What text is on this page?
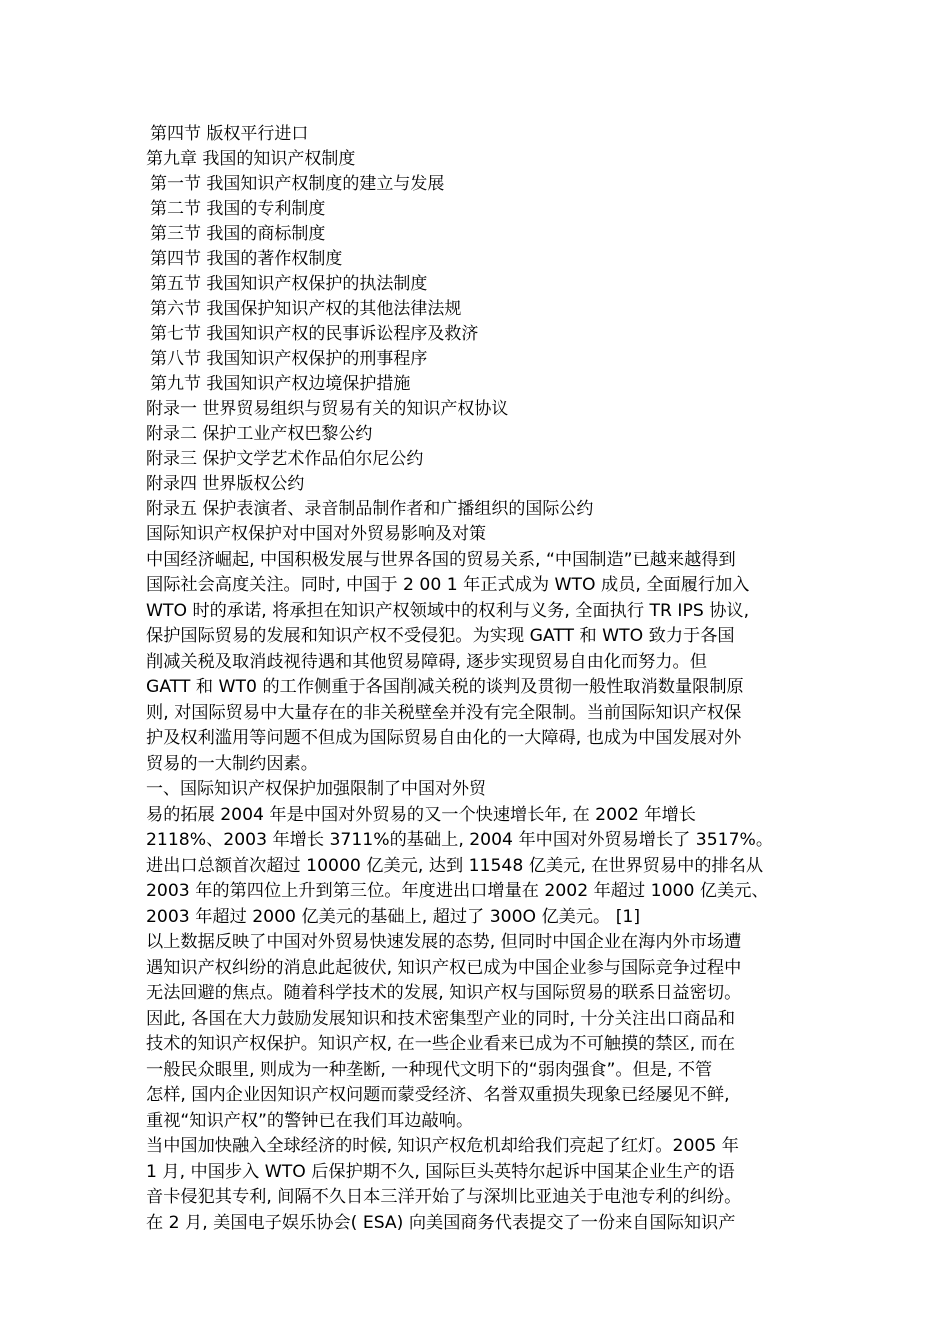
第四节 版权平行进口
第九章 我国的知识产权制度
第一节 我国知识产权制度的建立与发展
第二节 我国的专利制度
第三节 我国的商标制度
第四节 我国的著作权制度
第五节 我国知识产权保护的执法制度
第六节 我国保护知识产权的其他法律法规
第七节 我国知识产权的民事诉讼程序及救济
第八节 我国知识产权保护的刑事程序
第九节 我国知识产权边境保护措施
附录一 世界贸易组织与贸易有关的知识产权协议
附录二 保护工业产权巴黎公约
附录三 保护文学艺术作品伯尔尼公约
附录四 世界版权公约
附录五 保护表演者、录音制品制作者和广播组织的国际公约
国际知识产权保护对中国对外贸易影响及对策
中国经济崛起, 中国积极发展与世界各国的贸易关系, “中国制造”已越来越得到
国际社会高度关注。同时, 中国于 2 00 1 年正式成为 WTO 成员, 全面履行加入
WTO 时的承诺, 将承担在知识产权领域中的权利与义务, 全面执行 TR IPS 协议,
保护国际贸易的发展和知识产权不受侵犯。为实现 GATT 和 WTO 致力于各国
削减关税及取消歧视待遇和其他贸易障碍, 逐步实现贸易自由化而努力。但
GATT 和 WT0 的工作侧重于各国削减关税的谈判及贯彻一般性取消数量限制原
则, 对国际贸易中大量存在的非关税壁垒并没有完全限制。当前国际知识产权保
护及权利滥用等问题不但成为国际贸易自由化的一大障碍, 也成为中国发展对外
贸易的一大制约因素。
一、国际知识产权保护加强限制了中国对外贸
易的拓展 2004 年是中国对外贸易的又一个快速增长年, 在 2002 年增长
2118%、2003 年增长 3711%的基础上, 2004 年中国对外贸易增长了 3517%。
进出口总额首次超过 10000 亿美元, 达到 11548 亿美元, 在世界贸易中的排名从
2003 年的第四位上升到第三位。年度进出口增量在 2002 年超过 1000 亿美元、
2003 年超过 2000 亿美元的基础上, 超过了 300O 亿美元。 [1]
以上数据反映了中国对外贸易快速发展的态势, 但同时中国企业在海内外市场遭
遇知识产权纠纷的消息此起彼伏, 知识产权已成为中国企业参与国际竞争过程中
无法回避的焦点。随着科学技术的发展, 知识产权与国际贸易的联系日益密切。
因此, 各国在大力鼓励发展知识和技术密集型产业的同时, 十分关注出口商品和
技术的知识产权保护。知识产权, 在一些企业看来已成为不可触摸的禁区, 而在
一般民众眼里, 则成为一种垄断, 一种现代文明下的“弱肉强食”。但是, 不管
怎样, 国内企业因知识产权问题而蒙受经济、名誉双重损失现象已经屡见不鲜,
重视“知识产权”的警钟已在我们耳边敲响。
当中国加快融入全球经济的时候, 知识产权危机却给我们亮起了红灯。2005 年
1 月, 中国步入 WTO 后保护期不久, 国际巨头英特尔起诉中国某企业生产的语
音卡侵犯其专利, 间隔不久日本三洋开始了与深圳比亚迪关于电池专利的纠纷。
在 2 月, 美国电子娱乐协会( ESA) 向美国商务代表提交了一份来自国际知识产
